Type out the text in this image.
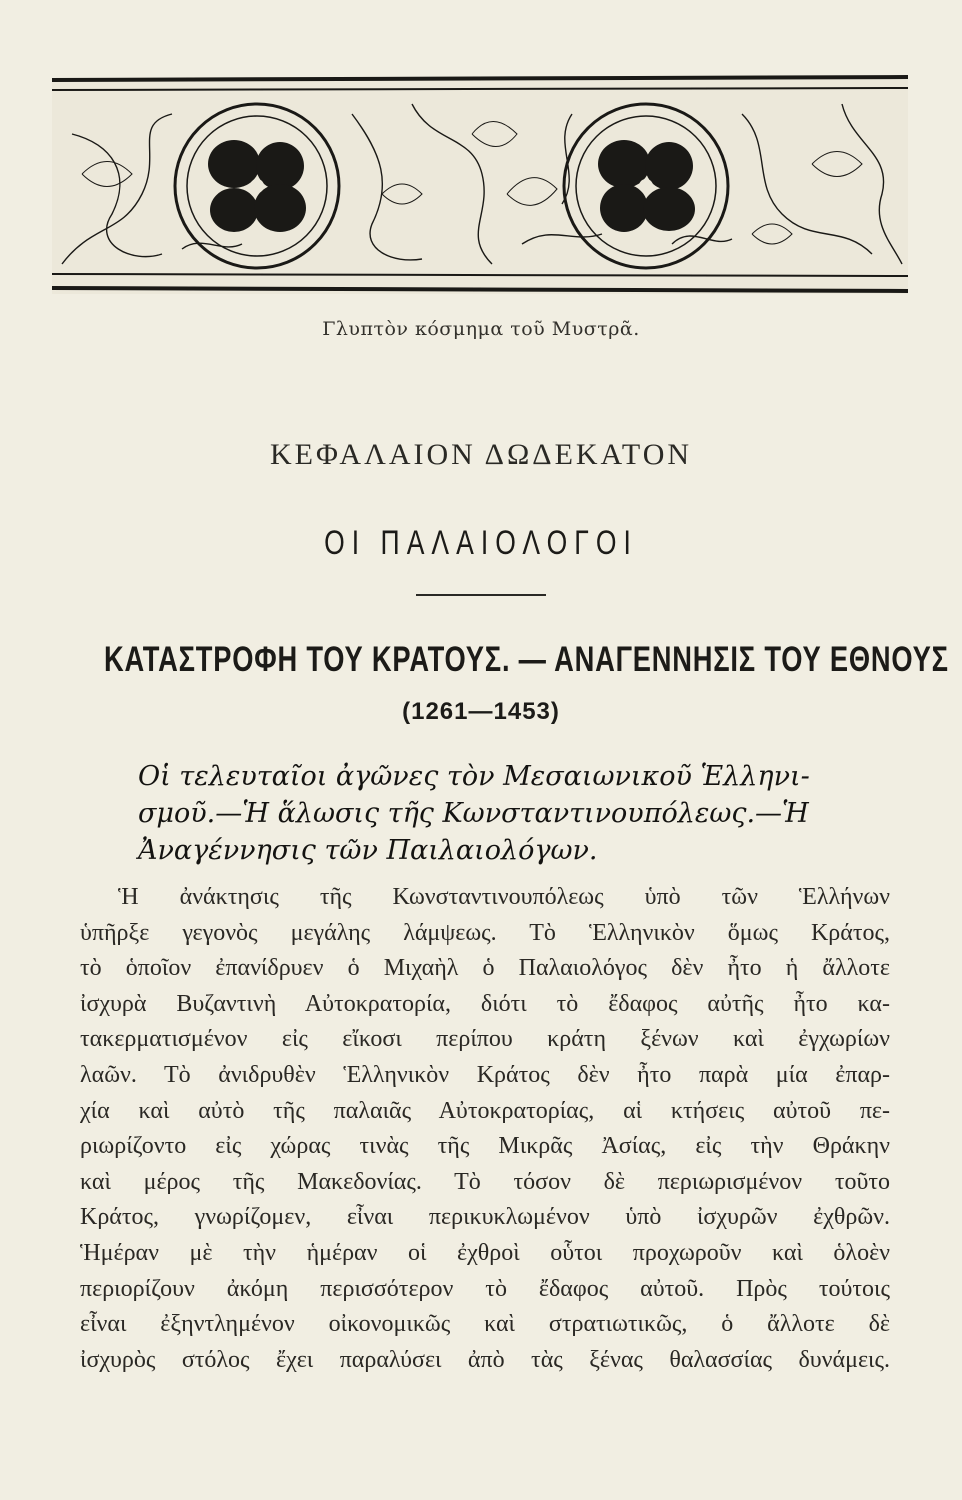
Γλυπτὸν κόσμημα τοῦ Μυστρᾶ.
ΚΕΦΑΛΑΙΟΝ ΔΩΔΕΚΑΤΟΝ
ΟΙ ΠΑΛΑΙΟΛΟΓΟΙ
ΚΑΤΑΣΤΡΟΦΗ ΤΟΥ ΚΡΑΤΟΥΣ. — ΑΝΑΓΕΝΝΗΣΙΣ ΤΟΥ ΕΘΝΟΥΣ
(1261—1453)
Οἱ τελευταῖοι ἀγῶνες τὸν Μεσαιωνικοῦ Ἑλληνι-
σμοῦ.—Ἡ ἅλωσις τῆς Κωνσταντινουπόλεως.—Ἡ
Ἀναγέννησις τῶν Παιλαιολόγων.
Ἡ ἀνάκτησις τῆς Κωνσταντινουπόλεως ὑπὸ τῶν Ἑλλήνων
ὑπῆρξε γεγονὸς μεγάλης λάμψεως. Τὸ Ἑλληνικὸν ὅμως Κράτος,
τὸ ὁποῖον ἐπανίδρυεν ὁ Μιχαὴλ ὁ Παλαιολόγος δὲν ἦτο ἡ ἄλλοτε
ἰσχυρὰ Βυζαντινὴ Αὐτοκρατορία, διότι τὸ ἔδαφος αὐτῆς ἦτο κα-
τακερματισμένον εἰς εἴκοσι περίπου κράτη ξένων καὶ ἐγχωρίων
λαῶν. Τὸ ἀνιδρυθὲν Ἑλληνικὸν Κράτος δὲν ἦτο παρὰ μία ἐπαρ-
χία καὶ αὐτὸ τῆς παλαιᾶς Αὐτοκρατορίας, αἱ κτήσεις αὐτοῦ πε-
ριωρίζοντο εἰς χώρας τινὰς τῆς Μικρᾶς Ἀσίας, εἰς τὴν Θράκην
καὶ μέρος τῆς Μακεδονίας. Τὸ τόσον δὲ περιωρισμένον τοῦτο
Κράτος, γνωρίζομεν, εἶναι περικυκλωμένον ὑπὸ ἰσχυρῶν ἐχθρῶν.
Ἡμέραν μὲ τὴν ἡμέραν οἱ ἐχθροὶ οὗτοι προχωροῦν καὶ ὁλοὲν
περιορίζουν ἀκόμη περισσότερον τὸ ἔδαφος αὐτοῦ. Πρὸς τούτοις
εἶναι ἐξηντλημένον οἰκονομικῶς καὶ στρατιωτικῶς, ὁ ἄλλοτε δὲ
ἰσχυρὸς στόλος ἔχει παραλύσει ἀπὸ τὰς ξένας θαλασσίας δυνάμεις.
